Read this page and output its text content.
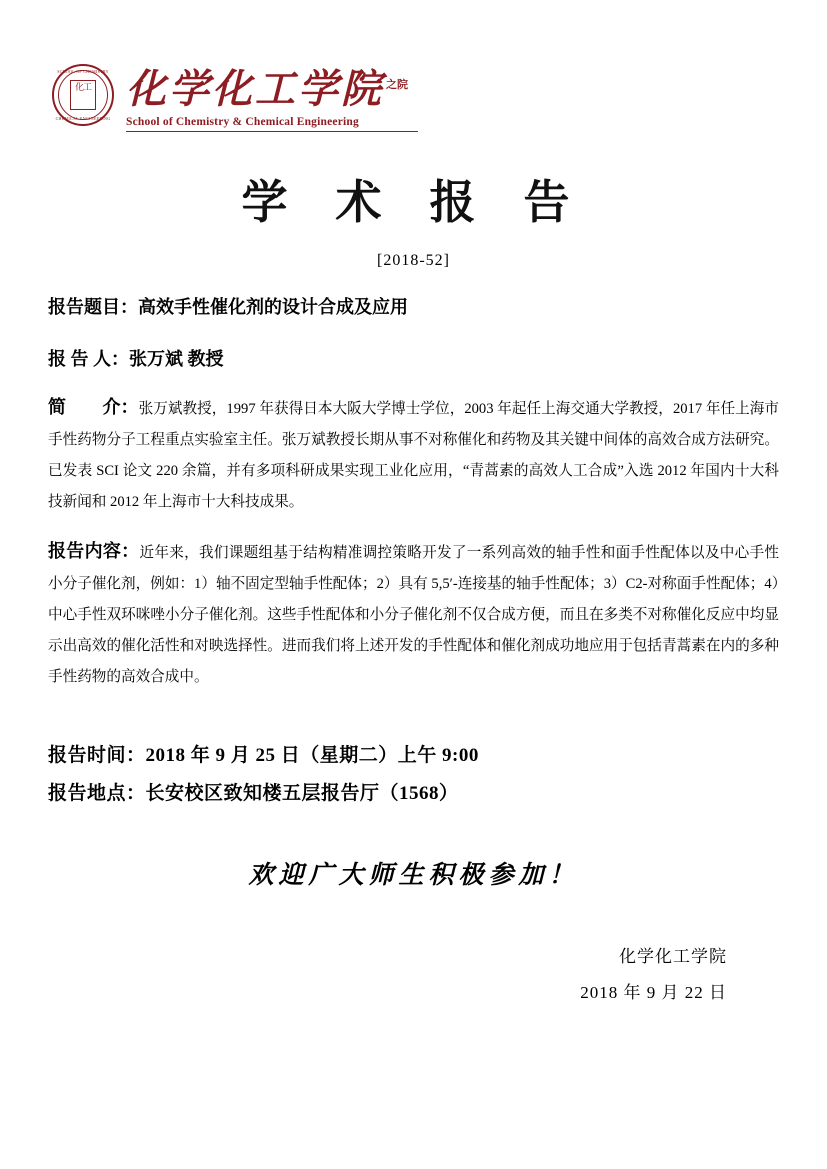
SCHOOL OF CHEMISTRY
CHEMICAL ENGINEERING
化工 化学化工学院 $^{之院}$
School of Chemistry & Chemical Engineering
学 术 报 告
[2018-52]
报告题目：高效手性催化剂的设计合成及应用
报 告 人：张万斌 教授
简        介：张万斌教授，1997 年获得日本大阪大学博士学位，2003 年起任上海交通大学教授，2017 年任上海市手性药物分子工程重点实验室主任。张万斌教授长期从事不对称催化和药物及其关键中间体的高效合成方法研究。已发表 SCI 论文 220 余篇，并有多项科研成果实现工业化应用，“青蒿素的高效人工合成”入选 2012 年国内十大科技新闻和 2012 年上海市十大科技成果。
报告内容：近年来，我们课题组基于结构精准调控策略开发了一系列高效的轴手性和面手性配体以及中心手性小分子催化剂，例如：1）轴不固定型轴手性配体；2）具有 5,5′-连接基的轴手性配体；3）C2-对称面手性配体；4）中心手性双环咪唑小分子催化剂。这些手性配体和小分子催化剂不仅合成方便，而且在多类不对称催化反应中均显示出高效的催化活性和对映选择性。进而我们将上述开发的手性配体和催化剂成功地应用于包括青蒿素在内的多种手性药物的高效合成中。
报告时间：2018 年 9 月 25 日（星期二）上午 9:00
报告地点：长安校区致知楼五层报告厅（1568）
欢迎广大师生积极参加！
化学化工学院
2018 年 9 月 22 日
